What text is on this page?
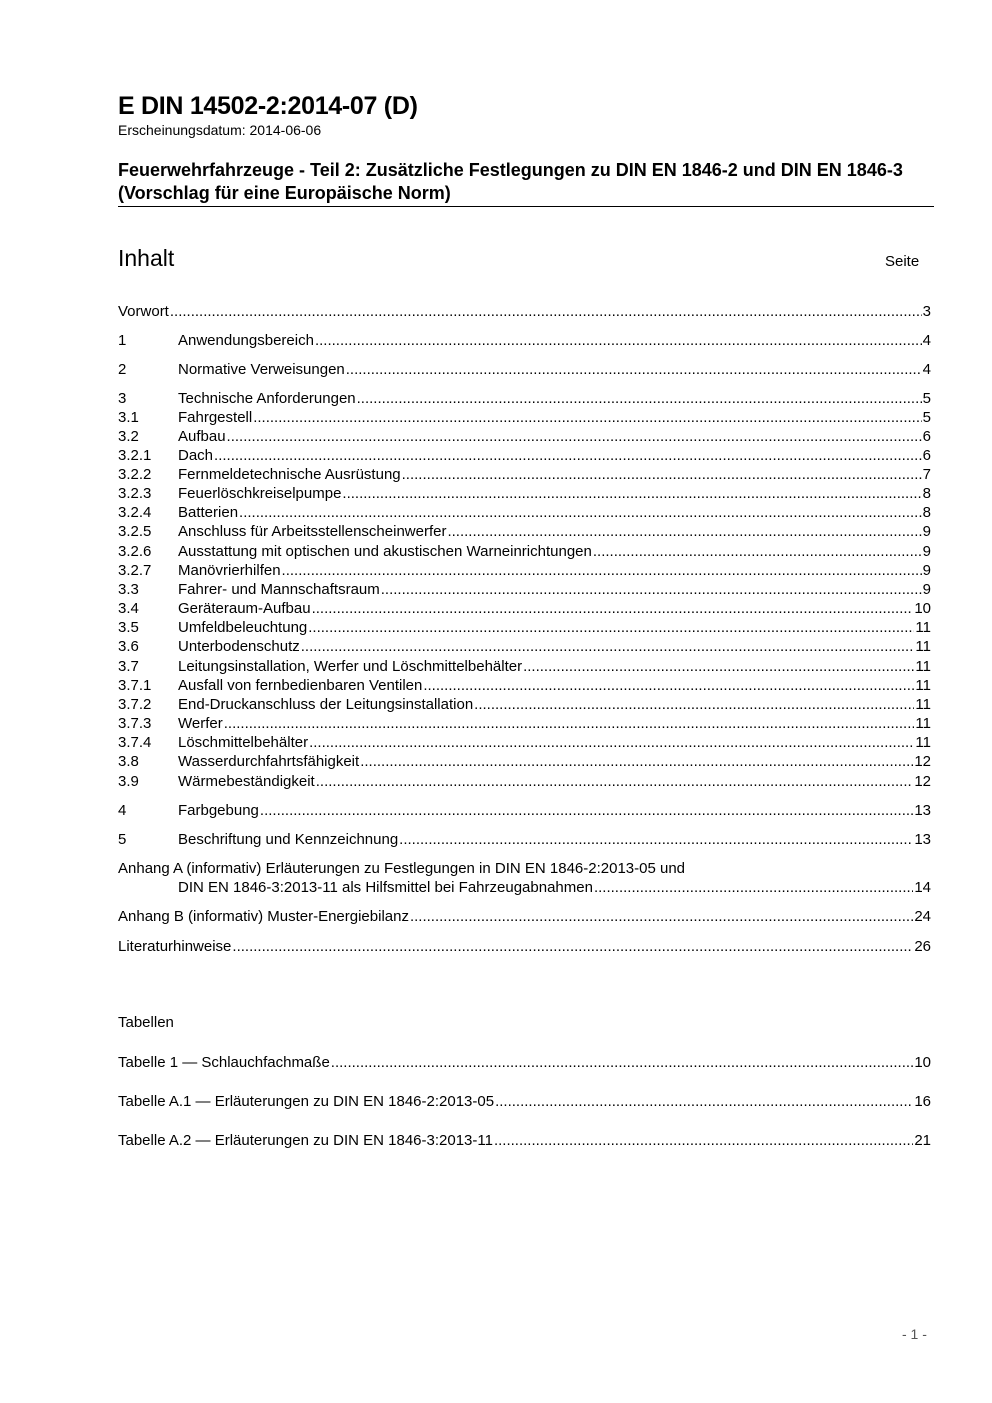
E DIN 14502-2:2014-07 (D)
Erscheinungsdatum: 2014-06-06
Feuerwehrfahrzeuge - Teil 2: Zusätzliche Festlegungen zu DIN EN 1846-2 und DIN EN 1846-3 (Vorschlag für eine Europäische Norm)
Inhalt	Seite
Vorwort .....	3
1	Anwendungsbereich .....	4
2	Normative Verweisungen .....	4
3	Technische Anforderungen .....	5
3.1	Fahrgestell .....	5
3.2	Aufbau .....	6
3.2.1	Dach .....	6
3.2.2	Fernmeldetechnische Ausrüstung .....	7
3.2.3	Feuerlöschkreiselpumpe .....	8
3.2.4	Batterien .....	8
3.2.5	Anschluss für Arbeitsstellenscheinwerfer .....	9
3.2.6	Ausstattung mit optischen und akustischen Warneinrichtungen .....	9
3.2.7	Manövrierhilfen .....	9
3.3	Fahrer- und Mannschaftsraum .....	9
3.4	Geräteraum-Aufbau .....	10
3.5	Umfeldbeleuchtung .....	11
3.6	Unterbodenschutz .....	11
3.7	Leitungsinstallation, Werfer und Löschmittelbehälter .....	11
3.7.1	Ausfall von fernbedienbaren Ventilen .....	11
3.7.2	End-Druckanschluss der Leitungsinstallation .....	11
3.7.3	Werfer .....	11
3.7.4	Löschmittelbehälter .....	11
3.8	Wasserdurchfahrtsfähigkeit .....	12
3.9	Wärmebeständigkeit .....	12
4	Farbgebung .....	13
5	Beschriftung und Kennzeichnung .....	13
Anhang A (informativ) Erläuterungen zu Festlegungen in DIN EN 1846-2:2013-05 und
DIN EN 1846-3:2013-11 als Hilfsmittel bei Fahrzeugabnahmen .....	14
Anhang B (informativ) Muster-Energiebilanz .....	24
Literaturhinweise .....	26
Tabellen
Tabelle 1 — Schlauchfachmaße .....	10
Tabelle A.1 — Erläuterungen zu DIN EN 1846-2:2013-05 .....	16
Tabelle A.2 — Erläuterungen zu DIN EN 1846-3:2013-11 .....	21
- 1 -
